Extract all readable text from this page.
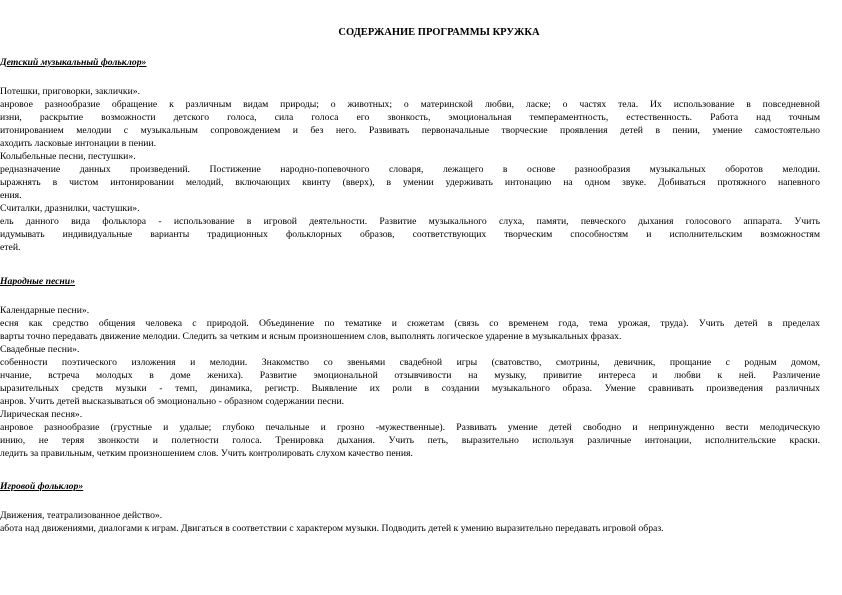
СОДЕРЖАНИЕ ПРОГРАММЫ КРУЖКА
Детский музыкальный фольклор»
Потешки, приговорки, заклички».
анровое разнообразие обращение к различным видам природы; о животных; о материнской любви, ласке; о частях тела. Их использование в повседневной
изни, раскрытие возможности детского голоса, сила голоса его звонкость, эмоциональная темпераментность, естественность. Работа над точным
итонированием мелодии с музыкальным сопровождением и без него. Развивать первоначальные творческие проявления детей в пении, умение самостоятельно
аходить ласковые интонации в пении.
Колыбельные песни, пестушки».
редназначение данных произведений. Постижение народно-попевочного словаря, лежащего в основе разнообразия музыкальных оборотов мелодии.
ыражнять в чистом интонировании мелодий, включающих квинту (вверх), в умении удерживать интонацию на одном звуке. Добиваться протяжного напевного
ения.
Считалки, дразнилки, частушки».
ель данного вида фольклора - использование в игровой деятельности. Развитие музыкального слуха, памяти, певческого дыхания голосового аппарата. Учить
идумывать индивидуальные варианты традиционных фольклорных образов, соответствующих творческим способностям и исполнительским возможностям
етей.
Народные песни»
Календарные песни».
есня как средство общения человека с природой. Объединение по тематике и сюжетам (связь со временем года, тема урожая, труда). Учить детей в пределах
варты точно передавать движение мелодии. Следить за четким и ясным произношением слов, выполнять логическое ударение в музыкальных фразах.
Свадебные песни».
собенности поэтического изложения и мелодии. Знакомство со звеньями свадебной игры (сватовство, смотрины, девичник, прощание с родным домом,
нчание, встреча молодых в доме жениха). Развитие эмоциональной отзывчивости на музыку, привитие интереса и любви к ней. Различение
ыразительных средств музыки - темп, динамика, регистр. Выявление их роли в создании музыкального образа. Умение сравнивать произведения различных
анров. Учить детей высказываться об эмоционально - образном содержании песни.
Лирическая песня».
анровое разнообразие (грустные и удалые; глубоко печальные и грозно -мужественные). Развивать умение детей свободно и непринужденно вести мелодическую
инию, не теряя звонкости и полетности голоса. Тренировка дыхания. Учить петь, выразительно используя различные интонации, исполнительские краски.
ледить за правильным, четким произношением слов. Учить контролировать слухом качество пения.
Игровой фольклор»
Движения, театрализованное действо».
абота над движениями, диалогами к играм. Двигаться в соответствии с характером музыки. Подводить детей к умению выразительно передавать игровой образ.
